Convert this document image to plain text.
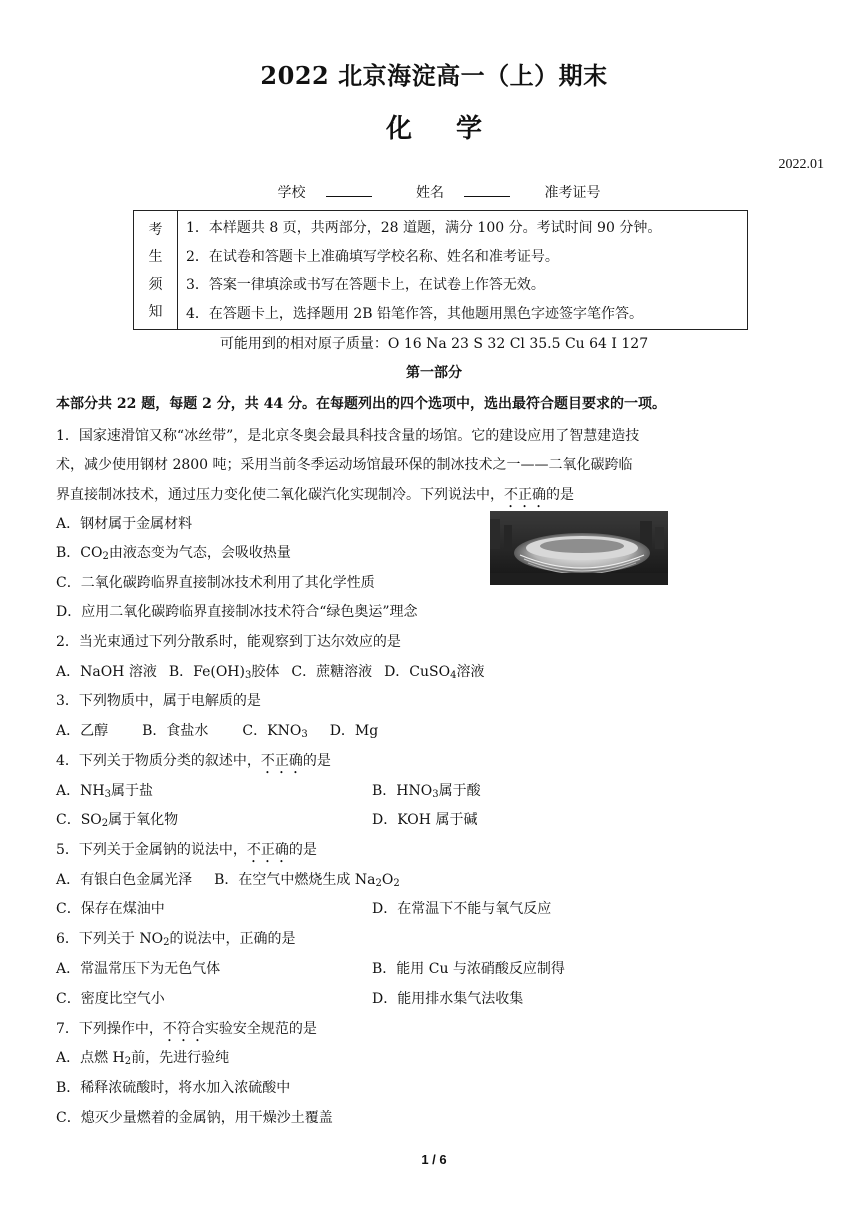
2022 北京海淀高一（上）期末
化学
2022.01
学校	姓名	准考证号
考
生
须
知
1．本样题共 8 页，共两部分，28 道题，满分 100 分。考试时间 90 分钟。
2．在试卷和答题卡上准确填写学校名称、姓名和准考证号。
3．答案一律填涂或书写在答题卡上，在试卷上作答无效。
4．在答题卡上，选择题用 2B 铅笔作答，其他题用黑色字迹签字笔作答。
可能用到的相对原子质量：O 16 Na 23 S 32 Cl 35.5 Cu 64 I 127
第一部分
本部分共 22 题，每题 2 分，共 44 分。在每题列出的四个选项中，选出最符合题目要求的一项。
1．国家速滑馆又称“冰丝带”，是北京冬奥会最具科技含量的场馆。它的建设应用了智慧建造技
术，减少使用钢材 2800 吨；采用当前冬季运动场馆最环保的制冰技术之一——二氧化碳跨临
界直接制冰技术，通过压力变化使二氧化碳汽化实现制冷。下列说法中，不正确的是
A．钢材属于金属材料
B．$CO_2$由液态变为气态，会吸收热量
C．二氧化碳跨临界直接制冰技术利用了其化学性质
D．应用二氧化碳跨临界直接制冰技术符合“绿色奥运”理念
2．当光束通过下列分散系时，能观察到丁达尔效应的是
A．NaOH 溶液 B．$Fe(OH)_3$胶体 C．蔗糖溶液 D．CuSO$_4$溶液
3．下列物质中，属于电解质的是
A．乙醇 B．食盐水 C．$KNO_3$ D．Mg
4．下列关于物质分类的叙述中，不正确的是
A．$NH_3$属于盐	B．$HNO_3$属于酸
C．$SO_2$属于氧化物	D．KOH 属于碱
5．下列关于金属钠的说法中，不正确的是
A．有银白色金属光泽 B．在空气中燃烧生成 $Na_2O_2$
C．保存在煤油中	D．在常温下不能与氧气反应
6．下列关于 $NO_2$的说法中，正确的是
A．常温常压下为无色气体	B．能用 Cu 与浓硝酸反应制得
C．密度比空气小	D．能用排水集气法收集
7．下列操作中，不符合实验安全规范的是
A．点燃 $H_2$前，先进行验纯
B．稀释浓硫酸时，将水加入浓硫酸中
C．熄灭少量燃着的金属钠，用干燥沙土覆盖
1 / 6
